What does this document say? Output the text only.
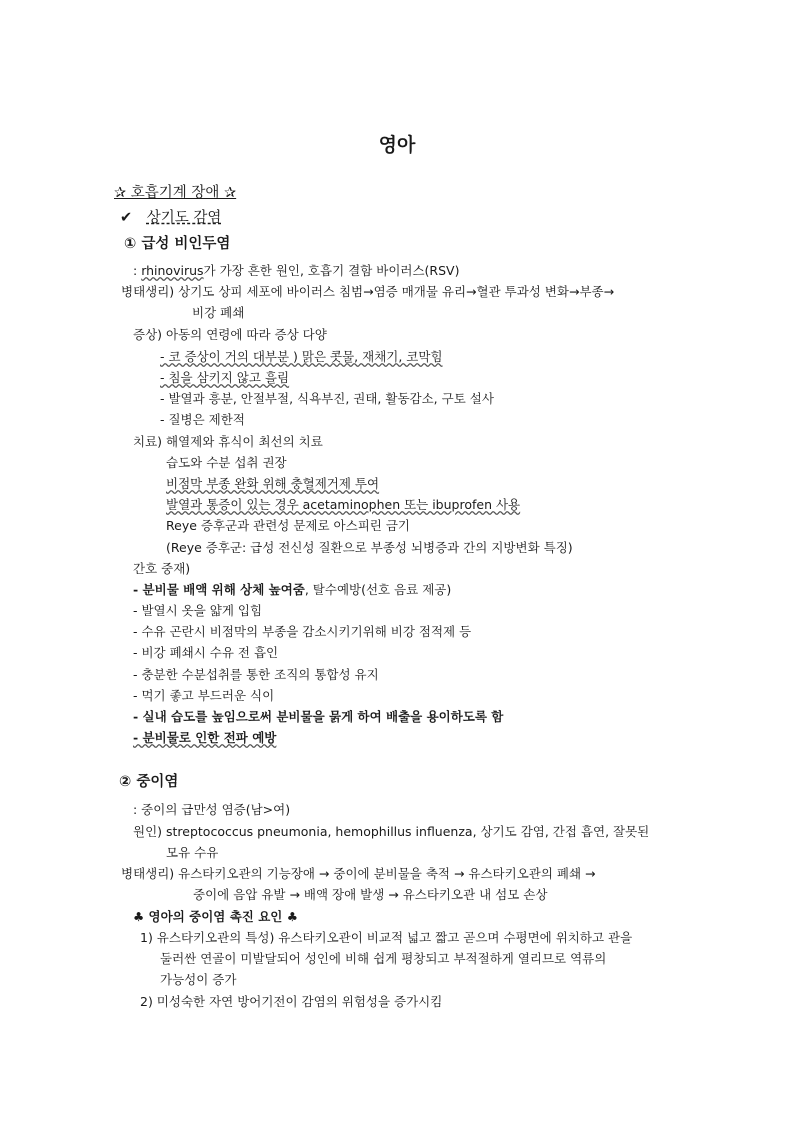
영아
✰ 호흡기계 장애 ✰
✔ 상기도 감염
① 급성 비인두염
: rhinovirus가 가장 흔한 원인, 호흡기 결함 바이러스(RSV)
병태생리) 상기도 상피 세포에 바이러스 침범→염증 매개물 유리→혈관 투과성 변화→부종→
비강 폐쇄
증상) 아동의 연령에 따라 증상 다양
- 코 증상이 거의 대부분 ) 맑은 콧물, 재채기, 코막힘
- 침을 삼키지 않고 흘림
- 발열과 흥분, 안절부절, 식욕부진, 권태, 활동감소, 구토 설사
- 질병은 제한적
치료) 해열제와 휴식이 최선의 치료
습도와 수분 섭취 권장
비점막 부종 완화 위해 충혈제거제 투여
발열과 통증이 있는 경우 acetaminophen 또는 ibuprofen 사용
Reye 증후군과 관련성 문제로 아스피린 금기
(Reye 증후군: 급성 전신성 질환으로 부종성 뇌병증과 간의 지방변화 특징)
간호 중재)
- 분비물 배액 위해 상체 높여줌, 탈수예방(선호 음료 제공)
- 발열시 옷을 얇게 입힘
- 수유 곤란시 비점막의 부종을 감소시키기위해 비강 점적제 등
- 비강 폐쇄시 수유 전 흡인
- 충분한 수분섭취를 통한 조직의 통합성 유지
- 먹기 좋고 부드러운 식이
- 실내 습도를 높임으로써 분비물을 묽게 하여 배출을 용이하도록 함
- 분비물로 인한 전파 예방
② 중이염
: 중이의 급만성 염증(남>여)
원인) streptococcus pneumonia, hemophillus influenza, 상기도 감염, 간접 흡연, 잘못된
모유 수유
병태생리) 유스타키오관의 기능장애 → 중이에 분비물을 축적 → 유스타키오관의 폐쇄 →
중이에 음압 유발 → 배액 장애 발생 → 유스타키오관 내 섬모 손상
♣ 영아의 중이염 촉진 요인 ♣
1) 유스타키오관의 특성) 유스타키오관이 비교적 넓고 짧고 곧으며 수평면에 위치하고 관을
둘러싼 연골이 미발달되어 성인에 비해 쉽게 평창되고 부적절하게 열리므로 역류의
가능성이 증가
2) 미성숙한 자연 방어기전이 감염의 위험성을 증가시킴
